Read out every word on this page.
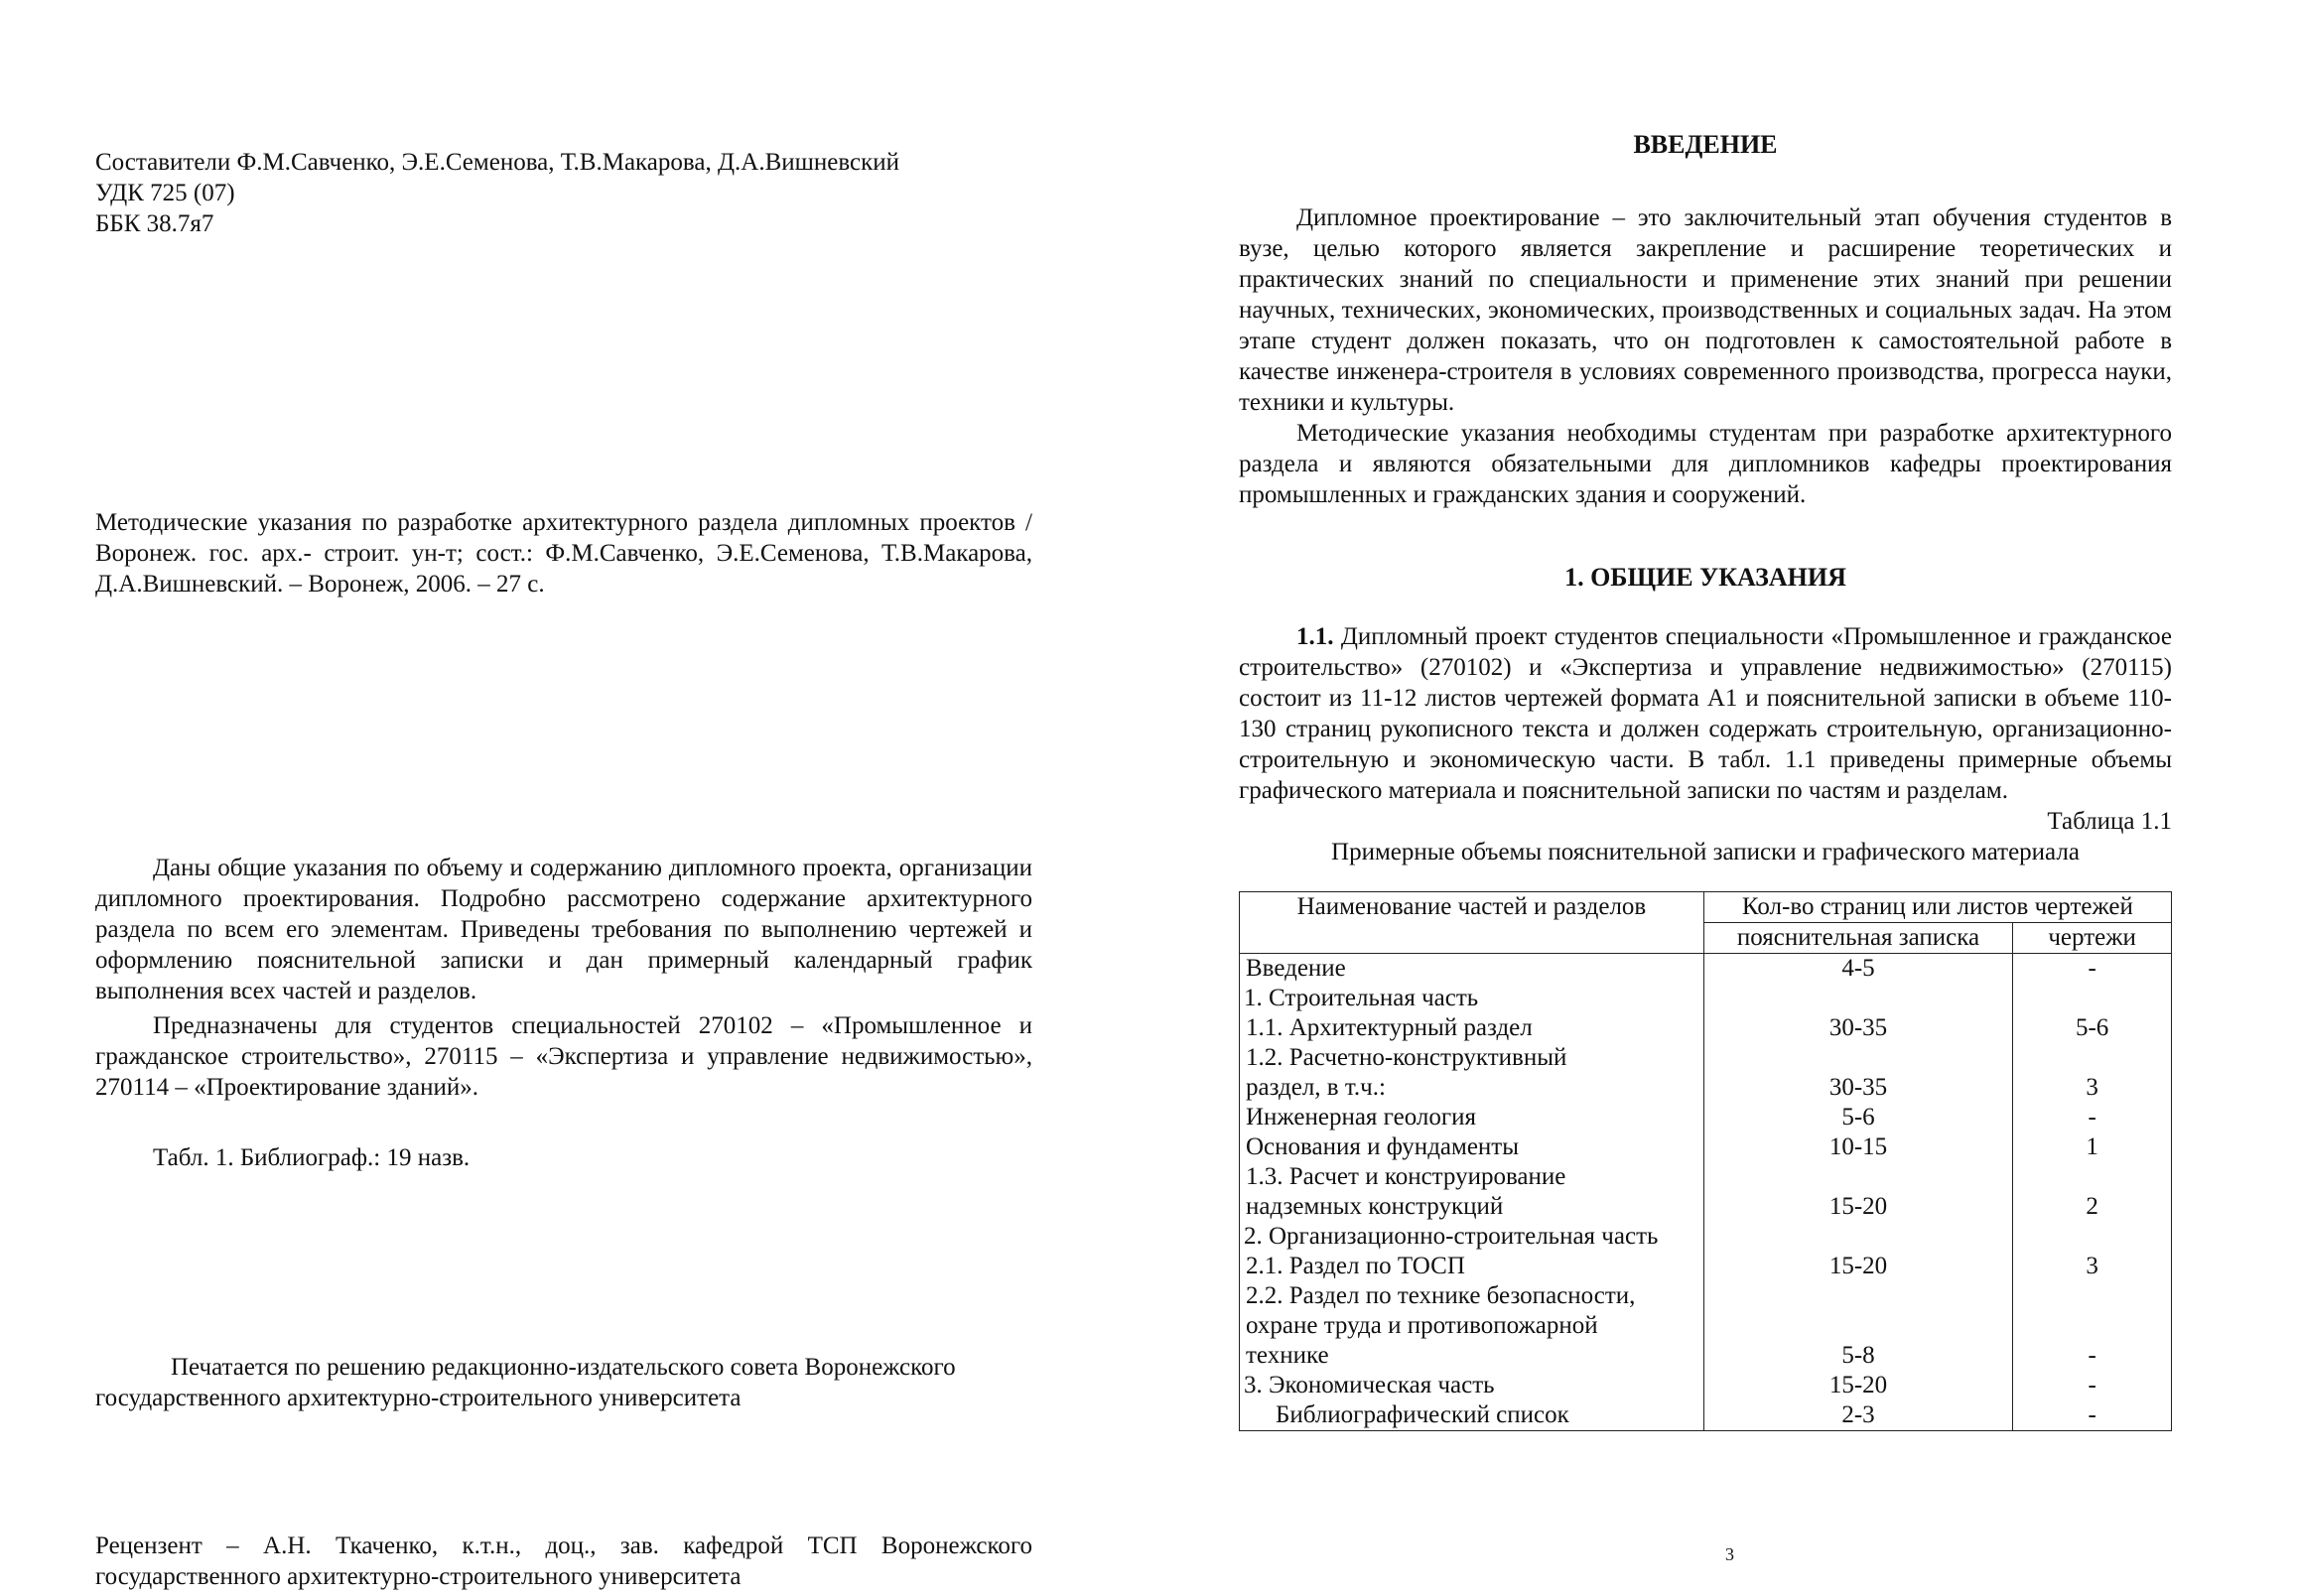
Составители Ф.М.Савченко, Э.Е.Семенова, Т.В.Макарова, Д.А.Вишневский
УДК 725 (07)
ББК 38.7я7

Методические указания по разработке архитектурного раздела дипломных проектов / Воронеж. гос. арх.- строит. ун-т; сост.: Ф.М.Савченко, Э.Е.Семенова, Т.В.Макарова, Д.А.Вишневский. – Воронеж, 2006. – 27 с.

Даны общие указания по объему и содержанию дипломного проекта, организации дипломного проектирования. Подробно рассмотрено содержание архитектурного раздела по всем его элементам. Приведены требования по выполнению чертежей и оформлению пояснительной записки и дан примерный календарный график выполнения всех частей и разделов.

Предназначены для студентов специальностей 270102 – «Промышленное и гражданское строительство», 270115 – «Экспертиза и управление недвижимостью», 270114 – «Проектирование зданий».

Табл. 1. Библиограф.: 19 назв.
Печатается по решению редакционно-издательского совета Воронежского
государственного архитектурно-строительного университета

Рецензент – А.Н. Ткаченко, к.т.н., доц., зав. кафедрой ТСП Воронежского государственного архитектурно-строительного университета

ВВЕДЕНИЕ

Дипломное проектирование – это заключительный этап обучения студентов в вузе, целью которого является закрепление и расширение теоретических и практических знаний по специальности и применение этих знаний при решении научных, технических, экономических, производственных и социальных задач. На этом этапе студент должен показать, что он подготовлен к самостоятельной работе в качестве инженера-строителя в условиях современного производства, прогресса науки, техники и культуры.

Методические указания необходимы студентам при разработке архитектурного раздела и являются обязательными для дипломников кафедры проектирования промышленных и гражданских здания и сооружений.

1. ОБЩИЕ УКАЗАНИЯ

1.1. Дипломный проект студентов специальности «Промышленное и гражданское строительство» (270102) и «Экспертиза и управление недвижимостью» (270115) состоит из 11-12 листов чертежей формата А1 и пояснительной записки в объеме 110-130 страниц рукописного текста и должен содержать строительную, организационно-строительную и экономическую части. В табл. 1.1 приведены примерные объемы графического материала и пояснительной записки по частям и разделам.

Таблица 1.1

Примерные объемы пояснительной записки и графического материала

Наименование частей и разделов	Кол-во страниц или листов чертежей	
	пояснительная записка	чертежи
Введение	4-5	-
1. Строительная часть		
1.1. Архитектурный раздел	30-35	5-6
1.2. Расчетно-конструктивный		
раздел, в т.ч.:	30-35	3
Инженерная геология	5-6	-
Основания и фундаменты	10-15	1
1.3. Расчет и конструирование		
надземных конструкций	15-20	2
2. Организационно-строительная часть		
2.1. Раздел по ТОСП	15-20	3
2.2. Раздел по технике безопасности,		
охране труда и противопожарной		
технике	5-8	-
3. Экономическая часть	15-20	-
Библиографический список	2-3	-
3
